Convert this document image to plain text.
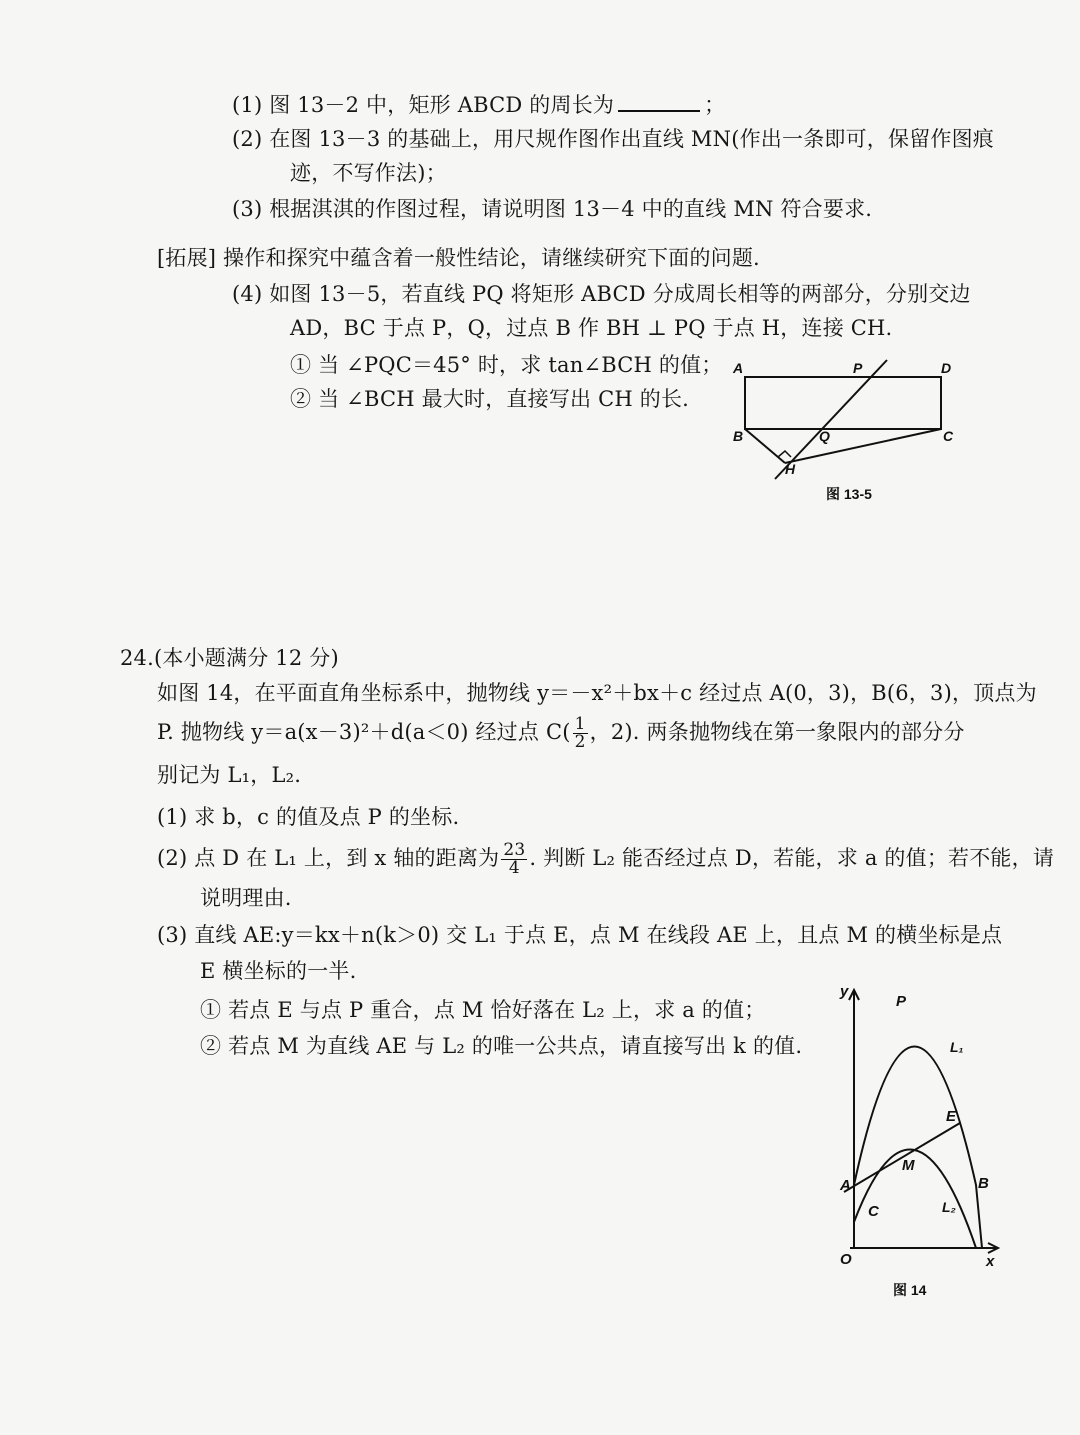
(1) 图 13－2 中，矩形 ABCD 的周长为	；
(2) 在图 13－3 的基础上，用尺规作图作出直线 MN(作出一条即可，保留作图痕
迹，不写作法)；
(3) 根据淇淇的作图过程，请说明图 13－4 中的直线 MN 符合要求.
[拓展] 操作和探究中蕴含着一般性结论，请继续研究下面的问题.
(4) 如图 13－5，若直线 PQ 将矩形 ABCD 分成周长相等的两部分，分别交边
AD，BC 于点 P，Q，过点 B 作 BH ⊥ PQ 于点 H，连接 CH.
① 当 ∠PQC＝45° 时，求 tan∠BCH 的值；
② 当 ∠BCH 最大时，直接写出 CH 的长.
A	P	D
B	Q	C
H
图 13-5
24.(本小题满分 12 分)
如图 14，在平面直角坐标系中，抛物线 y＝－x²＋bx＋c 经过点 A(0，3)，B(6，3)，顶点为
P. 抛物线 y＝a(x－3)²＋d(a＜0) 经过点 $C( \frac{1}{2}$ ，2). 两条抛物线在第一象限内的部分分
别记为 L₁，L₂.
(1) 求 b，c 的值及点 P 的坐标.
(2) 点 D 在 L₁ 上，到 x 轴的距离为 $\frac{23}{4}$ . 判断 L₂ 能否经过点 D，若能，求 a 的值；若不能，请
说明理由.
(3) 直线 AE:y＝kx＋n(k＞0) 交 L₁ 于点 E，点 M 在线段 AE 上，且点 M 的横坐标是点
E 横坐标的一半.
① 若点 E 与点 P 重合，点 M 恰好落在 L₂ 上，求 a 的值；
② 若点 M 为直线 AE 与 L₂ 的唯一公共点，请直接写出 k 的值.
y
x
O
P
L₁
E
M
A	B
C	L₂
图 14
